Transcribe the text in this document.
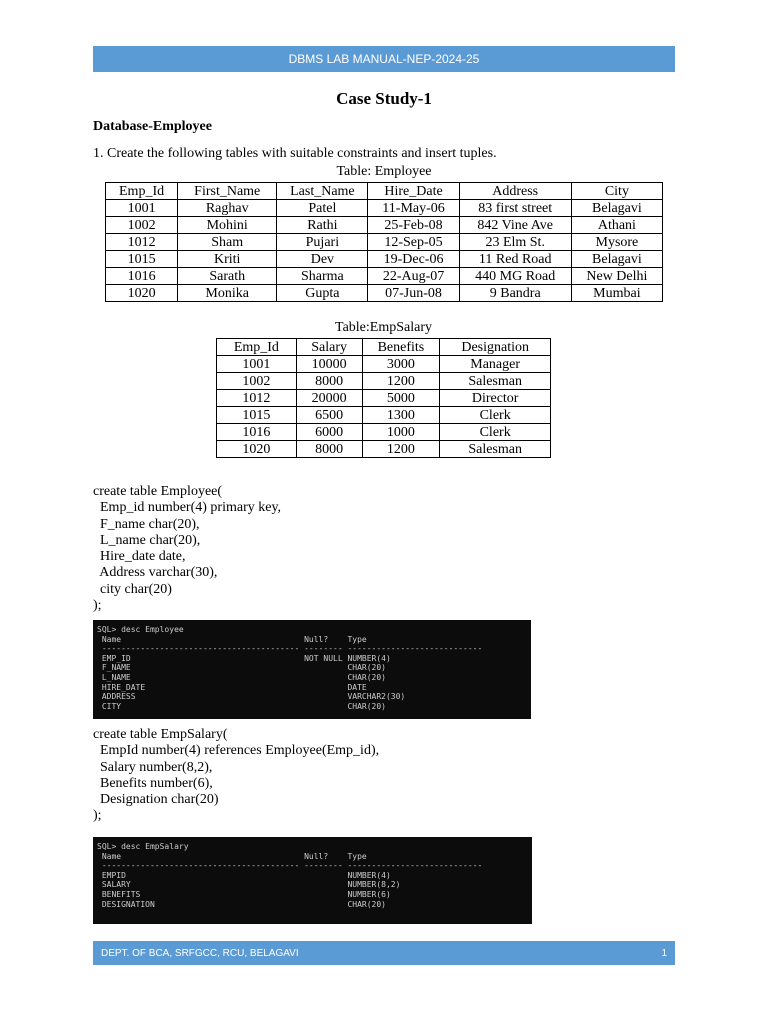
DBMS LAB MANUAL-NEP-2024-25
Case Study-1
Database-Employee
1. Create the following tables with suitable constraints and insert tuples.
Table: Employee
Emp_Id	First_Name	Last_Name	Hire_Date	Address	City
1001	Raghav	Patel	11-May-06	83 first street	Belagavi
1002	Mohini	Rathi	25-Feb-08	842 Vine Ave	Athani
1012	Sham	Pujari	12-Sep-05	23 Elm St.	Mysore
1015	Kriti	Dev	19-Dec-06	11 Red Road	Belagavi
1016	Sarath	Sharma	22-Aug-07	440 MG Road	New Delhi
1020	Monika	Gupta	07-Jun-08	9 Bandra	Mumbai
Table:EmpSalary
Emp_Id	Salary	Benefits	Designation
1001	10000	3000	Manager
1002	8000	1200	Salesman
1012	20000	5000	Director
1015	6500	1300	Clerk
1016	6000	1000	Clerk
1020	8000	1200	Salesman
create table Employee(
Emp_id number(4) primary key,
F_name char(20),
L_name char(20),
Hire_date date,
Address varchar(30),
city char(20)
);
SQL> desc Employee
Name                                      Null?    Type
----------------------------------------- -------- ----------------------------
EMP_ID                                    NOT NULL NUMBER(4)
F_NAME                                             CHAR(20)
L_NAME                                             CHAR(20)
HIRE_DATE                                          DATE
ADDRESS                                            VARCHAR2(30)
CITY                                               CHAR(20)
create table EmpSalary(
EmpId number(4) references Employee(Emp_id),
Salary number(8,2),
Benefits number(6),
Designation char(20)
);
SQL> desc EmpSalary
Name                                      Null?    Type
----------------------------------------- -------- ----------------------------
EMPID                                              NUMBER(4)
SALARY                                             NUMBER(8,2)
BENEFITS                                           NUMBER(6)
DESIGNATION                                        CHAR(20)
DEPT. OF BCA, SRFGCC, RCU, BELAGAVI	1
